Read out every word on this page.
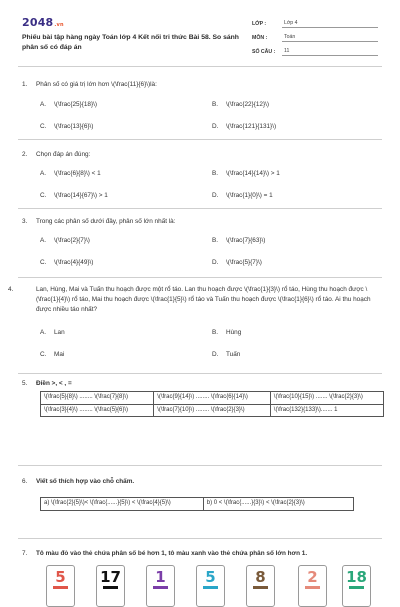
2048.vn
Phiếu bài tập hàng ngày Toán lớp 4 Kết nối tri thức Bài 58. So sánh phân số có đáp án
LỚP :	Lớp 4
MÔN :	Toán
SỐ CÂU :	11
1. Phân số có giá trị lớn hơn \(\frac{11}{6}\)là:
A. \(\frac{25}{18}\)	B. \(\frac{22}{12}\)
C. \(\frac{13}{6}\)	D. \(\frac{121}{131}\)
2. Chọn đáp án đúng:
A. \(\frac{6}{8}\) < 1	B. \(\frac{14}{14}\) > 1
C. \(\frac{14}{67}\) > 1	D. \(\frac{1}{0}\) = 1
3. Trong các phân số dưới đây, phân số lớn nhất là:
A. \(\frac{2}{7}\)	B. \(\frac{7}{63}\)
C. \(\frac{4}{49}\)	D. \(\frac{5}{7}\)
4.	Lan, Hùng, Mai và Tuấn thu hoạch được một rổ táo. Lan thu hoạch được \(\frac{1}{3}\) rổ táo, Hùng thu hoạch được \(\frac{1}{4}\) rổ táo, Mai thu hoạch được \(\frac{1}{5}\) rổ táo và Tuấn thu hoạch được \(\frac{1}{6}\) rổ táo. Ai thu hoạch được nhiều táo nhất?
A. Lan	B. Hùng
C. Mai	D. Tuấn
5. Điền >, < , =
\(\frac{5}{8}\) ........ \(\frac{7}{8}\)	\(\frac{9}{14}\) ........ \(\frac{6}{14}\)	\(\frac{10}{15}\) ....... \(\frac{2}{3}\)
\(\frac{3}{4}\) ........ \(\frac{5}{6}\)	\(\frac{7}{10}\) ........ \(\frac{2}{3}\)	\(\frac{132}{133}\)....... 1
6. Viết số thích hợp vào chỗ chấm.
a) \(\frac{2}{5}\)< \(\frac{......}{5}\) < \(\frac{4}{5}\)	b) 0 < \(\frac{......}{3}\) < \(\frac{2}{3}\)
7. Tô màu đỏ vào thẻ chứa phân số bé hơn 1, tô màu xanh vào thẻ chứa phân số lớn hơn 1.
5	17	1	5	8	2	18
